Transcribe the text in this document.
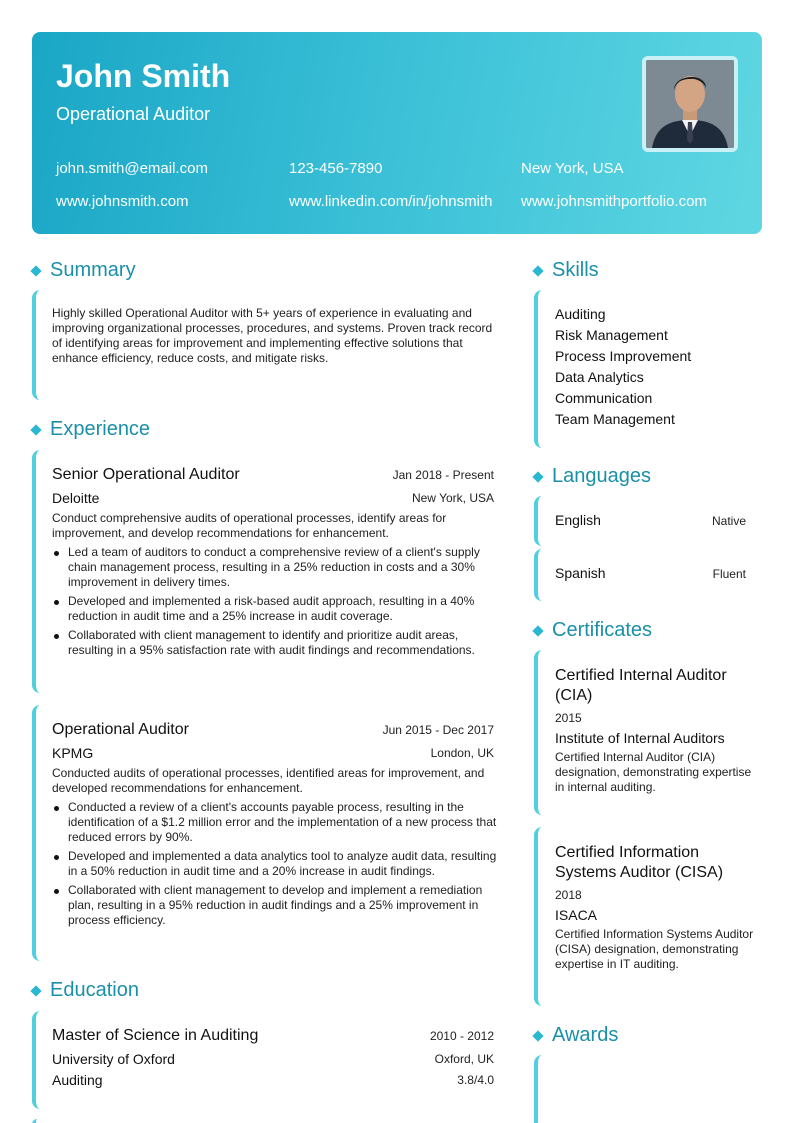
John Smith
Operational Auditor
john.smith@email.com	123-456-7890	New York, USA
www.johnsmith.com	www.linkedin.com/in/johnsmith www.johnsmithportfolio.com
Summary
Highly skilled Operational Auditor with 5+ years of experience in evaluating and improving organizational processes, procedures, and systems. Proven track record of identifying areas for improvement and implementing effective solutions that enhance efficiency, reduce costs, and mitigate risks.
Experience
Senior Operational Auditor	Jan 2018 - Present
Deloitte	New York, USA
Conduct comprehensive audits of operational processes, identify areas for improvement, and develop recommendations for enhancement.
Led a team of auditors to conduct a comprehensive review of a client's supply chain management process, resulting in a 25% reduction in costs and a 30% improvement in delivery times.
Developed and implemented a risk-based audit approach, resulting in a 40% reduction in audit time and a 25% increase in audit coverage.
Collaborated with client management to identify and prioritize audit areas, resulting in a 95% satisfaction rate with audit findings and recommendations.
Operational Auditor	Jun 2015 - Dec 2017
KPMG	London, UK
Conducted audits of operational processes, identified areas for improvement, and developed recommendations for enhancement.
Conducted a review of a client's accounts payable process, resulting in the identification of a $1.2 million error and the implementation of a new process that reduced errors by 90%.
Developed and implemented a data analytics tool to analyze audit data, resulting in a 50% reduction in audit time and a 20% increase in audit findings.
Collaborated with client management to develop and implement a remediation plan, resulting in a 95% reduction in audit findings and a 25% improvement in process efficiency.
Education
Master of Science in Auditing	2010 - 2012
University of Oxford	Oxford, UK
Auditing	3.8/4.0
Skills
Auditing
Risk Management
Process Improvement
Data Analytics
Communication
Team Management
Languages
English	Native
Spanish	Fluent
Certificates
Certified Internal Auditor (CIA)
2015
Institute of Internal Auditors
Certified Internal Auditor (CIA) designation, demonstrating expertise in internal auditing.
Certified Information Systems Auditor (CISA)
2018
ISACA
Certified Information Systems Auditor (CISA) designation, demonstrating expertise in IT auditing.
Awards
